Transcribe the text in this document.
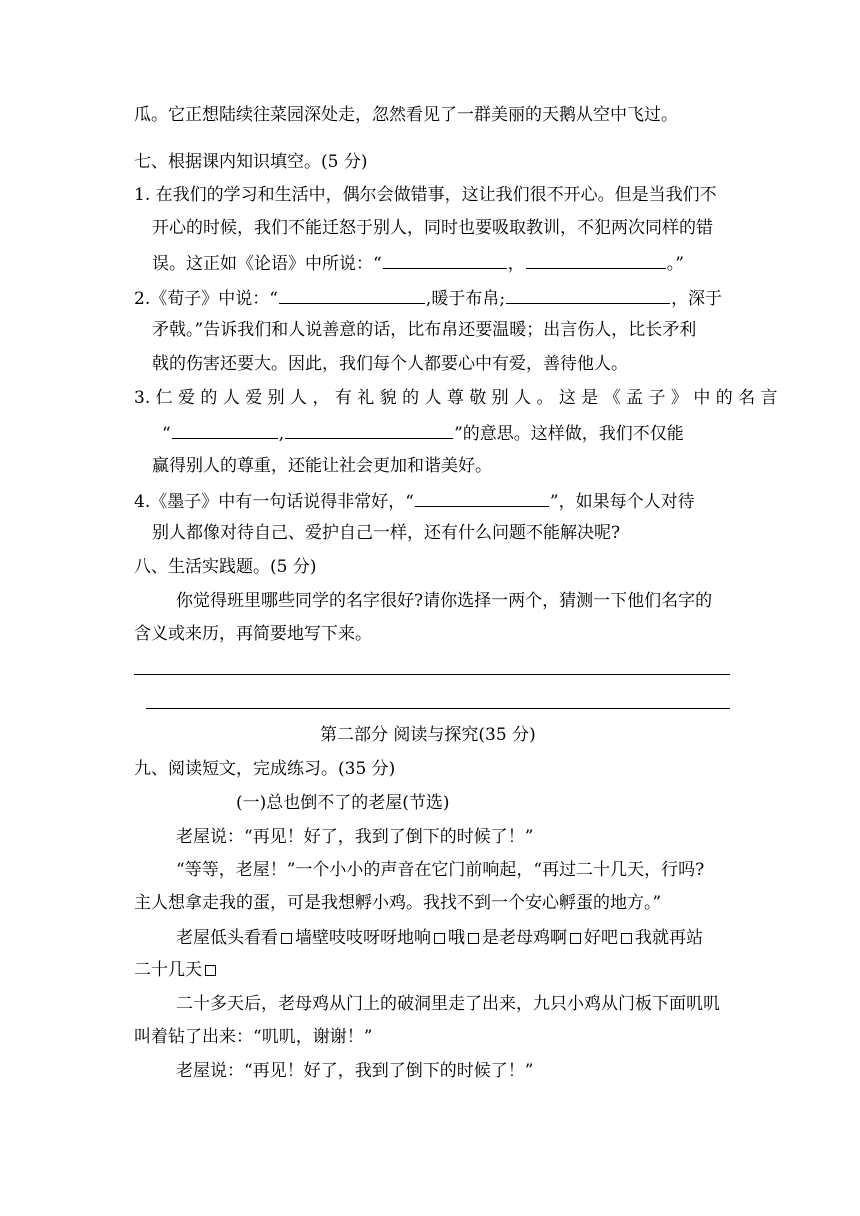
瓜。它正想陆续往菜园深处走，忽然看见了一群美丽的天鹅从空中飞过。
七、根据课内知识填空。(5 分)
1. 在我们的学习和生活中，偶尔会做错事，这让我们很不开心。但是当我们不
开心的时候，我们不能迁怒于别人，同时也要吸取教训，不犯两次同样的错
误。这正如《论语》中所说：“	，	。”
2.《荀子》中说：“	,暖于布帛;	，深于
矛戟。”告诉我们和人说善意的话，比布帛还要温暖；出言伤人，比长矛利
戟的伤害还要大。因此，我们每个人都要心中有爱，善待他人。
3. 仁 爱 的 人 爱 别 人 ， 有 礼 貌 的 人 尊 敬 别 人 。 这 是 《 孟 子 》 中 的 名 言
“	,	”的意思。这样做，我们不仅能
赢得别人的尊重，还能让社会更加和谐美好。
4.《墨子》中有一句话说得非常好，“	”，如果每个人对待
别人都像对待自己、爱护自己一样，还有什么问题不能解决呢?
八、生活实践题。(5 分)
你觉得班里哪些同学的名字很好?请你选择一两个，猜测一下他们名字的
含义或来历，再简要地写下来。
第二部分 阅读与探究(35 分)
九、阅读短文，完成练习。(35 分)
(一)总也倒不了的老屋(节选)
老屋说：“再见！好了，我到了倒下的时候了！”
“等等，老屋！”一个小小的声音在它门前响起，“再过二十几天，行吗?
主人想拿走我的蛋，可是我想孵小鸡。我找不到一个安心孵蛋的地方。”
老屋低头看看 墙壁吱吱呀呀地响 哦 是老母鸡啊 好吧 我就再站
二十几天
二十多天后，老母鸡从门上的破洞里走了出来，九只小鸡从门板下面叽叽
叫着钻了出来：“叽叽，谢谢！”
老屋说：“再见！好了，我到了倒下的时候了！”
